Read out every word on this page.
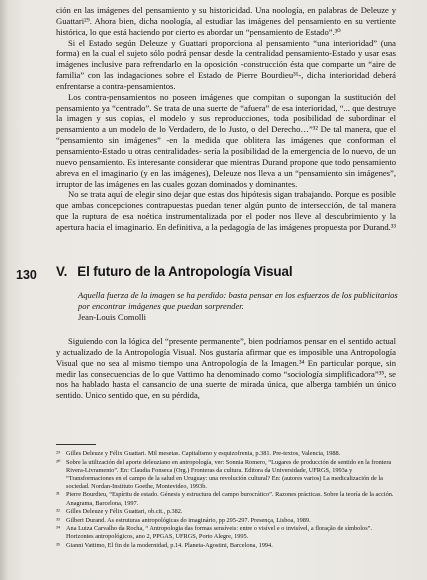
ción en las imágenes del pensamiento y su historicidad. Una noología, en palabras de Deleuze y Guattari²⁹. Ahora bien, dicha noología, al estudiar las imágenes del pensamiento en su vertiente histórica, lo que está haciendo por cierto es abordar un “pensamiento de Estado”.³⁰

Si el Estado según Deleuze y Guattari proporciona al pensamiento “una interioridad” (una forma) en la cual el sujeto sólo podrá pensar desde la centralidad pensamiento-Estado y usar esas imágenes inclusive para refrendarlo en la oposición -construcción ésta que comparte un “aire de familia” con las indagaciones sobre el Estado de Pierre Bourdieu³¹-, dicha interioridad deberá enfrentarse a contra-pensamientos.

Los contra-pensamientos no poseen imágenes que compitan o supongan la sustitución del pensamiento ya “centrado”. Se trata de una suerte de “afuera” de esa interioridad, “... que destruye la imagen y sus copias, el modelo y sus reproducciones, toda posibilidad de subordinar el pensamiento a un modelo de lo Verdadero, de lo Justo, o del Derecho…”³² De tal manera, que el “pensamiento sin imágenes” -en la medida que oblitera las imágenes que conforman el pensamiento-Estado u otras centralidades- sería la posibilidad de la emergencia de lo nuevo, de un nuevo pensamiento. Es interesante considerar que mientras Durand propone que todo pensamiento abreva en el imaginario (y en las imágenes), Deleuze nos lleva a un “pensamiento sin imágenes”, irruptor de las imágenes en las cuales gozan dominados y dominantes.

No se trata aquí de elegir sino dejar que estas dos hipótesis sigan trabajando. Porque es posible que ambas concepciones contrapuestas puedan tener algún punto de intersección, de tal manera que la ruptura de esa noética instrumentalizada por el poder nos lleve al descubrimiento y la apertura hacia el imaginario. En definitiva, a la pedagogía de las imágenes propuesta por Durand.³³

130 V. El futuro de la Antropología Visual

Aquella fuerza de la imagen se ha perdido: basta pensar en los esfuerzos de los publicitarios por encontrar imágenes que puedan sorprender.

Jean-Louis Comolli

Siguiendo con la lógica del “presente permanente”, bien podríamos pensar en el sentido actual y actualizado de la Antropología Visual. Nos gustaría afirmar que es imposible una Antropología Visual que no sea al mismo tiempo una Antropología de la Imagen.³⁴ En particular porque, sin medir las consecuencias de lo que Vattimo ha denominado como “sociología simplificadora”³⁵, se nos ha hablado hasta el cansancio de una suerte de mirada única, que alberga también un único sentido. Unico sentido que, en su pérdida,

²⁹ Gilles Deleuze y Félix Guattari. Mil mesetas. Capitalismo y esquizofrenia, p.381. Pre-textos, Valencia, 1988.

³⁰ Sobre la utilización del aporte deleuziano en antropología, ver: Sonnia Romero, “Lugares de producción de sentido en la frontera Rivera-Livramento”. En: Claudia Fonseca (Org.) Fronteras da cultura. Editora da Universidade, UFRGS, 1993a y “Transformaciones en el campo de la salud en Uruguay: una revolución cultural? En: (autores varios) La medicalización de la sociedad. Nordan-Instituto Goethe, Montevideo, 1993b.

³¹ Pierre Bourdieu, “Espíritu de estado. Génesis y estructura del campo burocrático”. Razones prácticas. Sobre la teoría de la acción. Anagrama, Barcelona, 1997.

³² Gilles Deleuze y Félix Guattari, ob.cit., p.382.

³³ Gilbert Durand. As estruturas antropológicas do imaginário, pp 295-297. Presença, Lisboa, 1989.

³⁴ Ana Luiza Carvalho da Rocha, “ Antropologia das formas sensíveis: entre o visível e o invisível, a floração de símbolos”. Horizontes antropológicos, ano 2, PPGAS, UFRGS, Porto Alegre, 1995.

³⁵ Gianni Vattimo, El fin de la modernidad, p.14. Planeta-Agostini, Barcelona, 1994.
